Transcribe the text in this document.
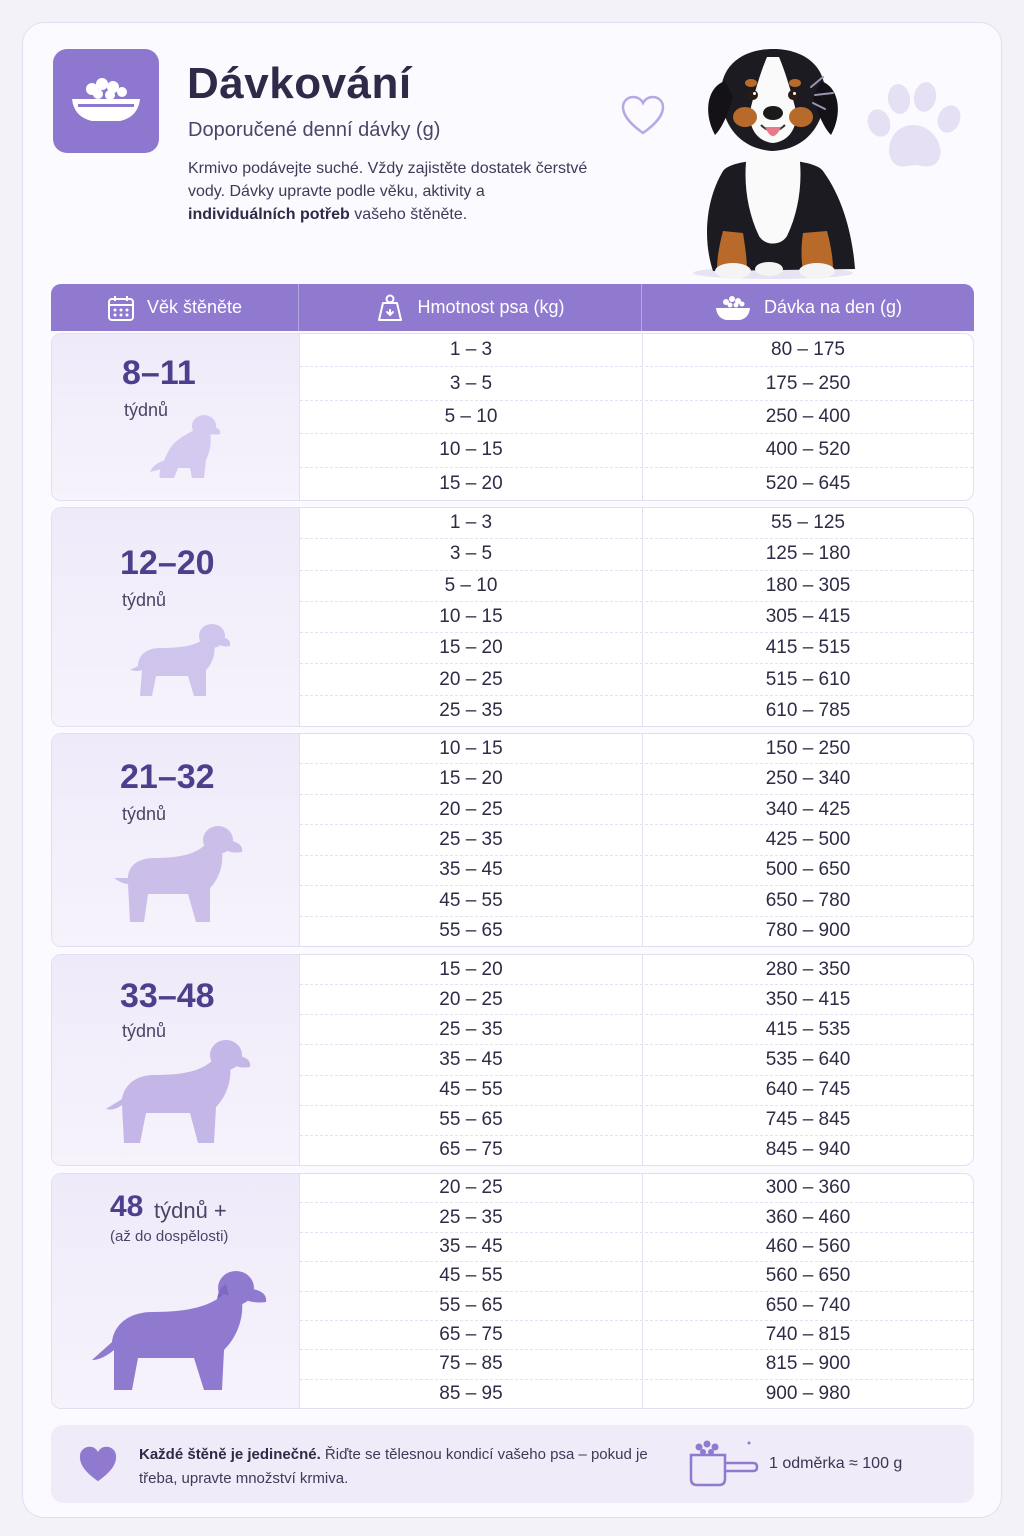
Dávkování
Doporučené denní dávky (g)
Krmivo podávejte suché. Vždy zajistěte dostatek čerstvé vody. Dávky upravte podle věku, aktivity a individuálních potřeb vašeho štěněte.
Věk štěněte	Hmotnost psa (kg)	Dávka na den (g)
8–11
týdnů
1 – 3	80 – 175
3 – 5	175 – 250
5 – 10	250 – 400
10 – 15	400 – 520
15 – 20	520 – 645
12–20
týdnů
1 – 3	55 – 125
3 – 5	125 – 180
5 – 10	180 – 305
10 – 15	305 – 415
15 – 20	415 – 515
20 – 25	515 – 610
25 – 35	610 – 785
21–32
týdnů
10 – 15	150 – 250
15 – 20	250 – 340
20 – 25	340 – 425
25 – 35	425 – 500
35 – 45	500 – 650
45 – 55	650 – 780
55 – 65	780 – 900
33–48
týdnů
15 – 20	280 – 350
20 – 25	350 – 415
25 – 35	415 – 535
35 – 45	535 – 640
45 – 55	640 – 745
55 – 65	745 – 845
65 – 75	845 – 940
48 týdnů +
(až do dospělosti)
20 – 25	300 – 360
25 – 35	360 – 460
35 – 45	460 – 560
45 – 55	560 – 650
55 – 65	650 – 740
65 – 75	740 – 815
75 – 85	815 – 900
85 – 95	900 – 980
Každé štěně je jedinečné. Řiďte se tělesnou kondicí vašeho psa – pokud je třeba, upravte množství krmiva.
1 odměrka ≈ 100 g
